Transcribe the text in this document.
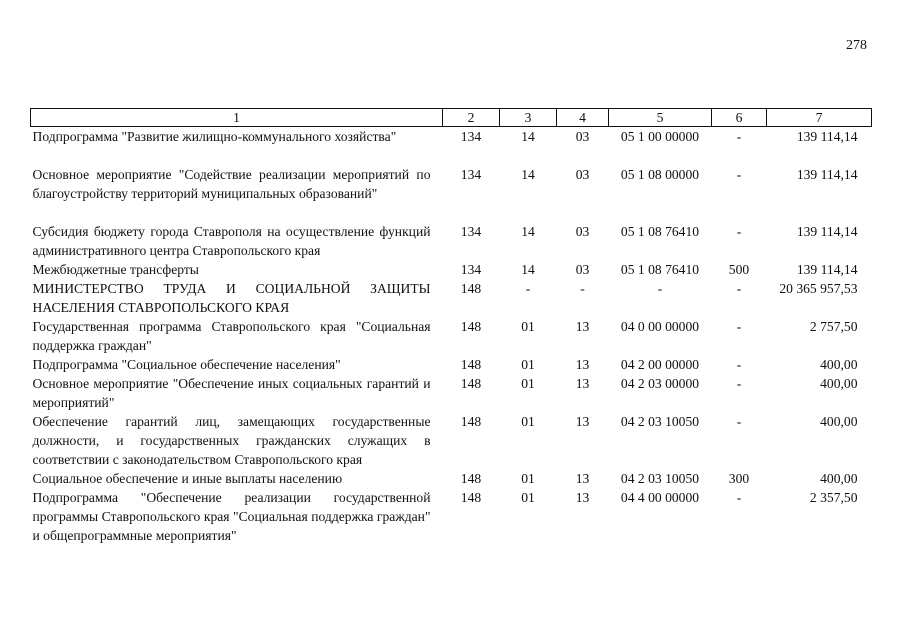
278
1	2	3	4	5	6	7
Подпрограмма "Развитие жилищно-коммунального хозяйства"	134	14	03	05 1 00 00000	-	139 114,14
Основное мероприятие "Содействие реализации мероприятий по благоустройству территорий муниципальных образований"	134	14	03	05 1 08 00000	-	139 114,14
Субсидия бюджету города Ставрополя на осуществление функций административного центра Ставропольского края	134	14	03	05 1 08 76410	-	139 114,14
Межбюджетные трансферты	134	14	03	05 1 08 76410	500	139 114,14
МИНИСТЕРСТВО ТРУДА И СОЦИАЛЬНОЙ ЗАЩИТЫ НАСЕЛЕНИЯ СТАВРОПОЛЬСКОГО КРАЯ	148	-	-	-	-	20 365 957,53
Государственная программа Ставропольского края "Социальная поддержка граждан"	148	01	13	04 0 00 00000	-	2 757,50
Подпрограмма "Социальное обеспечение населения"	148	01	13	04 2 00 00000	-	400,00
Основное мероприятие "Обеспечение иных социальных гарантий и мероприятий"	148	01	13	04 2 03 00000	-	400,00
Обеспечение гарантий лиц, замещающих государственные должности, и государственных гражданских служащих в соответствии с законодательством Ставропольского края	148	01	13	04 2 03 10050	-	400,00
Социальное обеспечение и иные выплаты населению	148	01	13	04 2 03 10050	300	400,00
Подпрограмма "Обеспечение реализации государственной программы Ставропольского края "Социальная поддержка граждан" и общепрограммные мероприятия"	148	01	13	04 4 00 00000	-	2 357,50
